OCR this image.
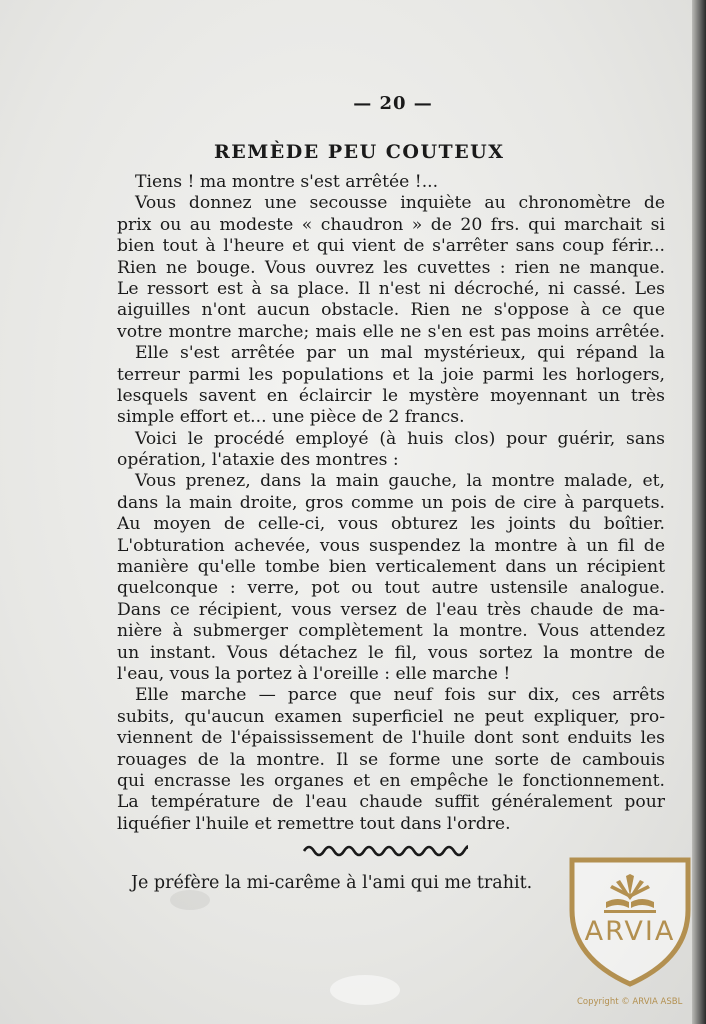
— 20 —
REMÈDE PEU COUTEUX
Tiens ! ma montre s'est arrêtée !...
Vous donnez une secousse inquiète au chronomètre de
prix ou au modeste « chaudron » de 20 frs. qui marchait si
bien tout à l'heure et qui vient de s'arrêter sans coup férir...
Rien ne bouge. Vous ouvrez les cuvettes : rien ne manque.
Le ressort est à sa place. Il n'est ni décroché, ni cassé. Les
aiguilles n'ont aucun obstacle. Rien ne s'oppose à ce que
votre montre marche; mais elle ne s'en est pas moins arrêtée.
Elle s'est arrêtée par un mal mystérieux, qui répand la
terreur parmi les populations et la joie parmi les horlogers,
lesquels savent en éclaircir le mystère moyennant un très
simple effort et... une pièce de 2 francs.
Voici le procédé employé (à huis clos) pour guérir, sans
opération, l'ataxie des montres :
Vous prenez, dans la main gauche, la montre malade, et,
dans la main droite, gros comme un pois de cire à parquets.
Au moyen de celle-ci, vous obturez les joints du boîtier.
L'obturation achevée, vous suspendez la montre à un fil de
manière qu'elle tombe bien verticalement dans un récipient
quelconque : verre, pot ou tout autre ustensile analogue.
Dans ce récipient, vous versez de l'eau très chaude de ma-
nière à submerger complètement la montre. Vous attendez
un instant. Vous détachez le fil, vous sortez la montre de
l'eau, vous la portez à l'oreille : elle marche !
Elle marche — parce que neuf fois sur dix, ces arrêts
subits, qu'aucun examen superficiel ne peut expliquer, pro-
viennent de l'épaississement de l'huile dont sont enduits les
rouages de la montre. Il se forme une sorte de cambouis
qui encrasse les organes et en empêche le fonctionnement.
La température de l'eau chaude suffit généralement pour
liquéfier l'huile et remettre tout dans l'ordre.
Je préfère la mi-carême à l'ami qui me trahit.
ARVIA
Copyright © ARVIA ASBL
